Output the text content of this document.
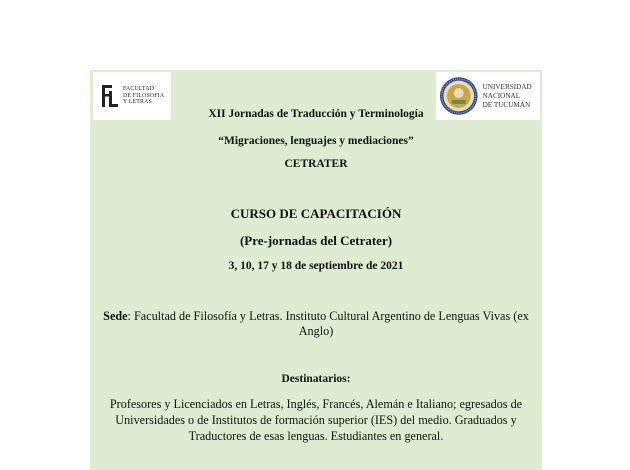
FACULTAD
DE FILOSOFIA
Y LETRAS
UNIVERSIDAD
NACIONAL
DE TUCUMÁN
XII Jornadas de Traducción y Terminología
“Migraciones, lenguajes y mediaciones”
CETRATER
CURSO DE CAPACITACIÓN
(Pre-jornadas del Cetrater)
3, 10, 17 y 18 de septiembre de 2021
Sede: Facultad de Filosofía y Letras. Instituto Cultural Argentino de Lenguas Vivas (ex Anglo)
Destinatarios:
Profesores y Licenciados en Letras, Inglés, Francés, Alemán e Italiano; egresados de Universidades o de Institutos de formación superior (IES) del medio. Graduados y Traductores de esas lenguas. Estudiantes en general.
